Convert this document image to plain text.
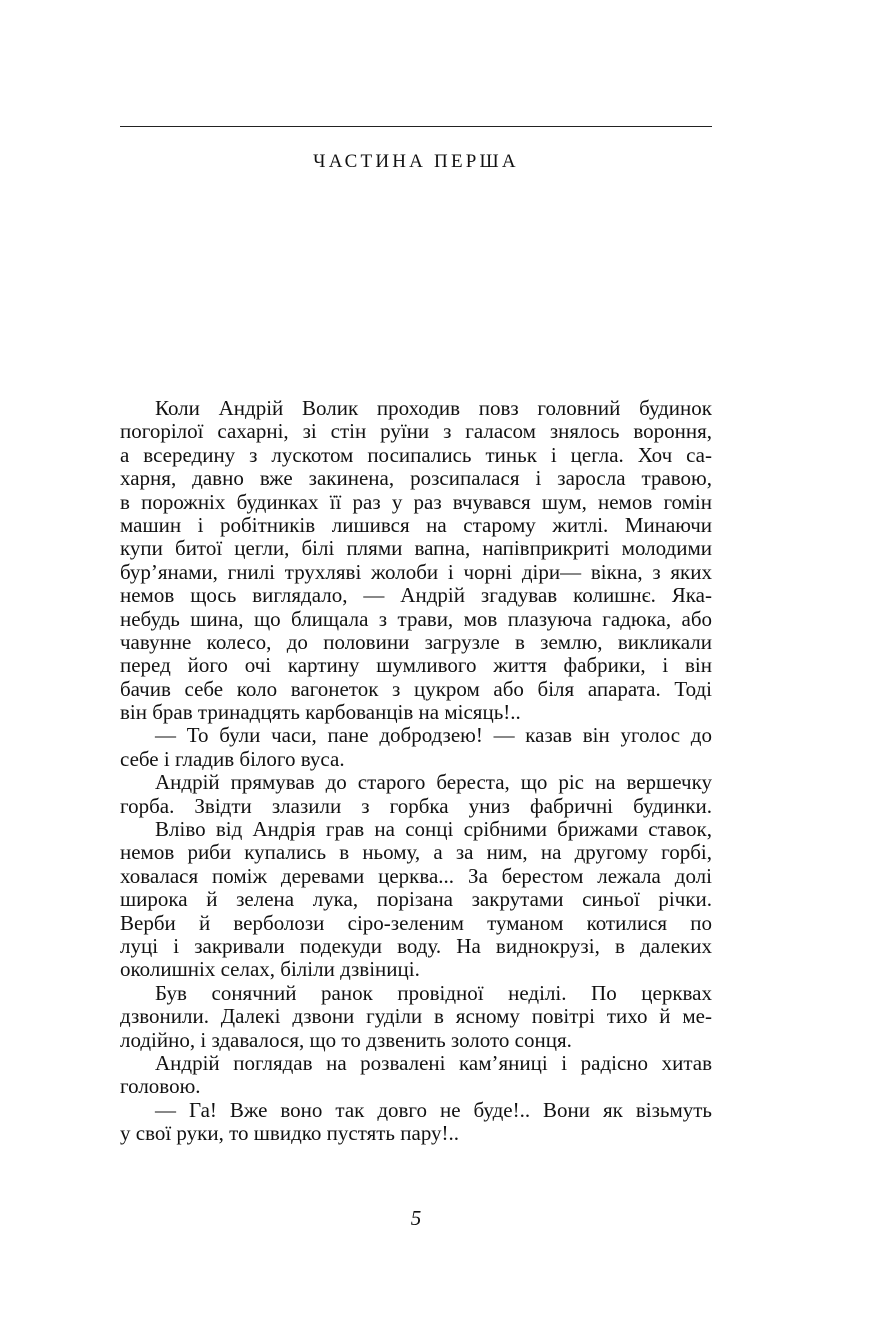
ЧАСТИНА ПЕРША
Коли Андрій Волик проходив повз головний будинок
погорілої сахарні, зі стін руїни з галасом знялось вороння,
а всередину з лускотом посипались тиньк і цегла. Хоч са-
харня, давно вже закинена, розсипалася і заросла травою,
в порожніх будинках її раз у раз вчувався шум, немов гомін
машин і робітників лишився на старому житлі. Минаючи
купи битої цегли, білі плями вапна, напівприкриті молодими
бур’янами, гнилі трухляві жолоби і чорні діри— вікна, з яких
немов щось виглядало, — Андрій згадував колишнє. Яка-
небудь шина, що блищала з трави, мов плазуюча гадюка, або
чавунне колесо, до половини загрузле в землю, викликали
перед його очі картину шумливого життя фабрики, і він
бачив себе коло вагонеток з цукром або біля апарата. Тоді
він брав тринадцять карбованців на місяць!..
— То були часи, пане добродзею! — казав він уголос до
себе і гладив білого вуса.
Андрій прямував до старого береста, що ріс на вершечку
горба. Звідти злазили з горбка униз фабричні будинки.
Вліво від Андрія грав на сонці срібними брижами ставок,
немов риби купались в ньому, а за ним, на другому горбі,
ховалася поміж деревами церква... За берестом лежала долі
широка й зелена лука, порізана закрутами синьої річки.
Верби й верболози сіро-зеленим туманом котилися по
луці і закривали подекуди воду. На виднокрузі, в далеких
околишніх селах, біліли дзвіниці.
Був сонячний ранок провідної неділі. По церквах
дзвонили. Далекі дзвони гуділи в ясному повітрі тихо й ме-
лодійно, і здавалося, що то дзвенить золото сонця.
Андрій поглядав на розвалені кам’яниці і радісно хитав
головою.
— Га! Вже воно так довго не буде!.. Вони як візьмуть
у свої руки, то швидко пустять пару!..
5
